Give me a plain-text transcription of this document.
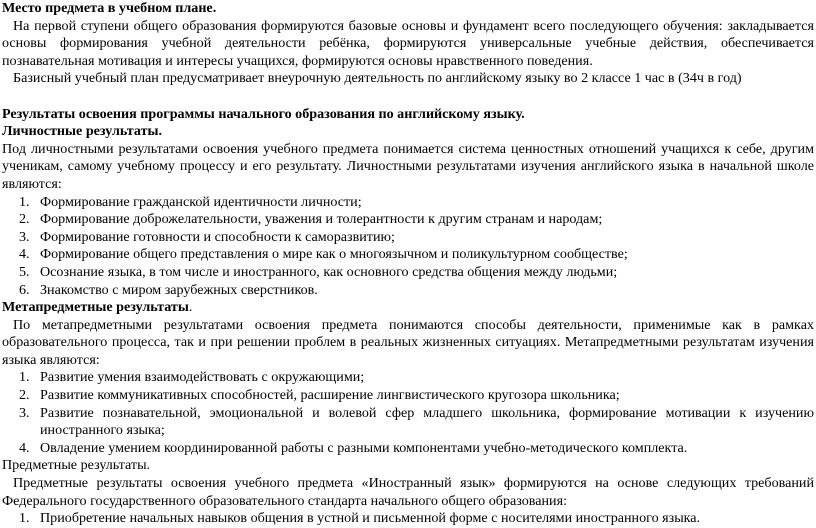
Место предмета в учебном плане.
На первой ступени общего образования формируются базовые основы и фундамент всего последующего обучения: закладывается основы формирования учебной деятельности ребёнка, формируются универсальные учебные действия, обеспечивается познавательная мотивация и интересы учащихся, формируются основы нравственного поведения.
Базисный учебный план предусматривает внеурочную деятельность по английскому языку во 2 классе 1 час в (34ч в год)
Результаты освоения программы начального образования по английскому языку.
Личностные результаты.
Под личностными результатами освоения учебного предмета понимается система ценностных отношений учащихся к себе, другим ученикам, самому учебному процессу и его результату. Личностными результатами изучения английского языка в начальной школе являются:
1. Формирование гражданской идентичности личности;
2. Формирование доброжелательности, уважения и толерантности к другим странам и народам;
3. Формирование готовности и способности к саморазвитию;
4. Формирование общего представления о мире как о многоязычном и поликультурном сообществе;
5. Осознание языка, в том числе и иностранного, как основного средства общения между людьми;
6. Знакомство с миром зарубежных сверстников.
Метапредметные результаты.
По метапредметными результатами освоения предмета понимаются способы деятельности, применимые как в рамках образовательного процесса, так и при решении проблем в реальных жизненных ситуациях. Метапредметными результатам изучения языка являются:
1. Развитие умения взаимодействовать с окружающими;
2. Развитие коммуникативных способностей, расширение лингвистического кругозора школьника;
3. Развитие познавательной, эмоциональной и волевой сфер младшего школьника, формирование мотивации к изучению иностранного языка;
4. Овладение умением координированной работы с разными компонентами учебно-методического комплекта.
Предметные результаты.
Предметные результаты освоения учебного предмета «Иностранный язык» формируются на основе следующих требований Федерального государственного образовательного стандарта начального общего образования:
1. Приобретение начальных навыков общения в устной и письменной форме с носителями иностранного языка.
